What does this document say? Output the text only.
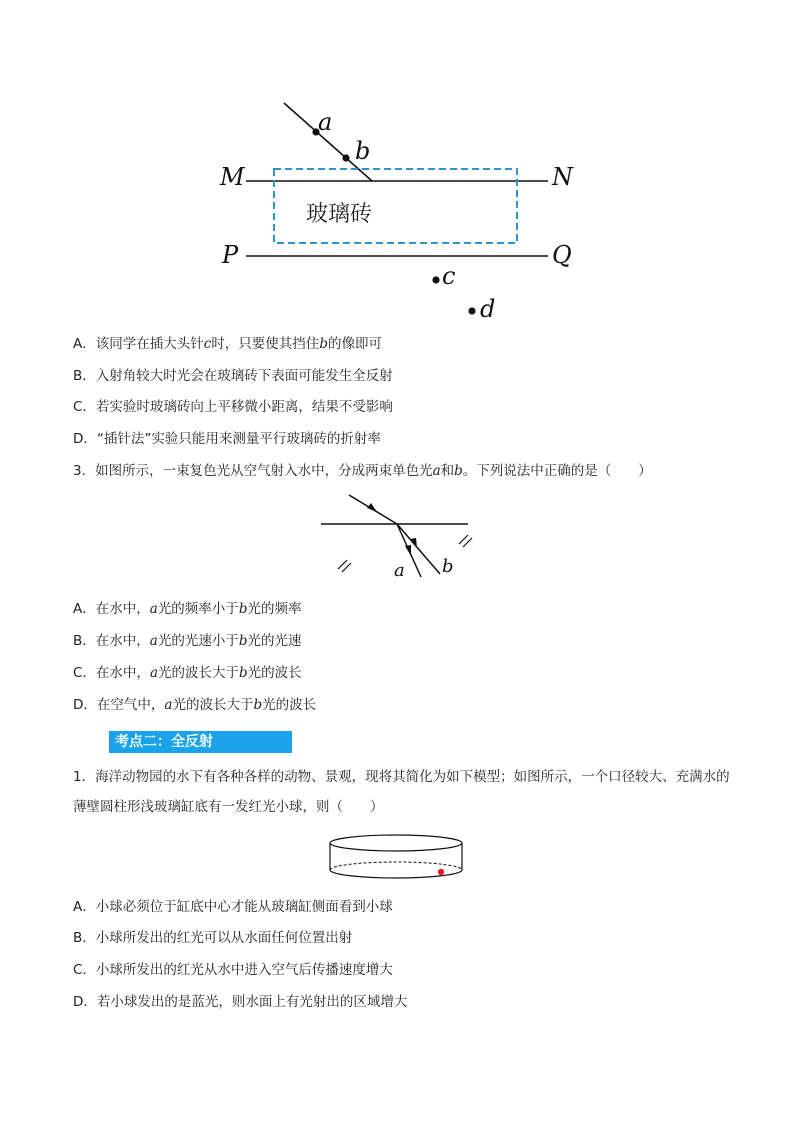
a
b
M	N
玻璃砖
P	Q
c
d
A．该同学在插大头针c时，只要使其挡住b的像即可
B．入射角较大时光会在玻璃砖下表面可能发生全反射
C．若实验时玻璃砖向上平移微小距离，结果不受影响
D．“插针法”实验只能用来测量平行玻璃砖的折射率
3．如图所示，一束复色光从空气射入水中，分成两束单色光a和b。下列说法中正确的是（　　）
a b
A．在水中，a光的频率小于b光的频率
B．在水中，a光的光速小于b光的光速
C．在水中，a光的波长大于b光的波长
D．在空气中，a光的波长大于b光的波长
考点二：全反射
1．海洋动物园的水下有各种各样的动物、景观，现将其简化为如下模型；如图所示，一个口径较大、充满水的薄壁圆柱形浅玻璃缸底有一发红光小球，则（　　）
A．小球必须位于缸底中心才能从玻璃缸侧面看到小球
B．小球所发出的红光可以从水面任何位置出射
C．小球所发出的红光从水中进入空气后传播速度增大
D．若小球发出的是蓝光，则水面上有光射出的区域增大
